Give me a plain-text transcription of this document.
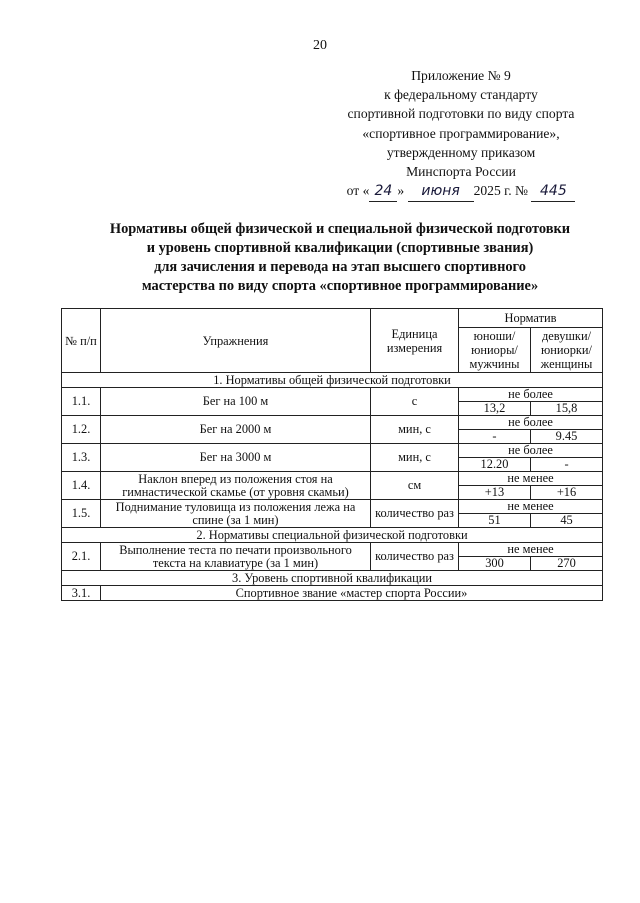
20
Приложение № 9
к федеральному стандарту
спортивной подготовки по виду спорта
«спортивное программирование»,
утвержденному приказом
Минспорта России
от « 24 » июня 2025 г. № 445
Нормативы общей физической и специальной физической подготовки
и уровень спортивной квалификации (спортивные звания)
для зачисления и перевода на этап высшего спортивного
мастерства по виду спорта «спортивное программирование»
№ п/п	Упражнения	Единица измерения	Норматив	
			юноши/ юниоры/ мужчины	девушки/ юниорки/ женщины
1. Нормативы общей физической подготовки				
1.1.	Бег на 100 м	с	не более	
			13,2	15,8
1.2.	Бег на 2000 м	мин, с	не более	
			-	9.45
1.3.	Бег на 3000 м	мин, с	не более	
			12.20	-
1.4.	Наклон вперед из положения стоя на гимнастической скамье (от уровня скамьи)	см	не менее	
			+13	+16
1.5.	Поднимание туловища из положения лежа на спине (за 1 мин)	количество раз	не менее	
			51	45
2. Нормативы специальной физической подготовки				
2.1.	Выполнение теста по печати произвольного текста на клавиатуре (за 1 мин)	количество раз	не менее	
			300	270
3. Уровень спортивной квалификации				
3.1.	Спортивное звание «мастер спорта России»			
